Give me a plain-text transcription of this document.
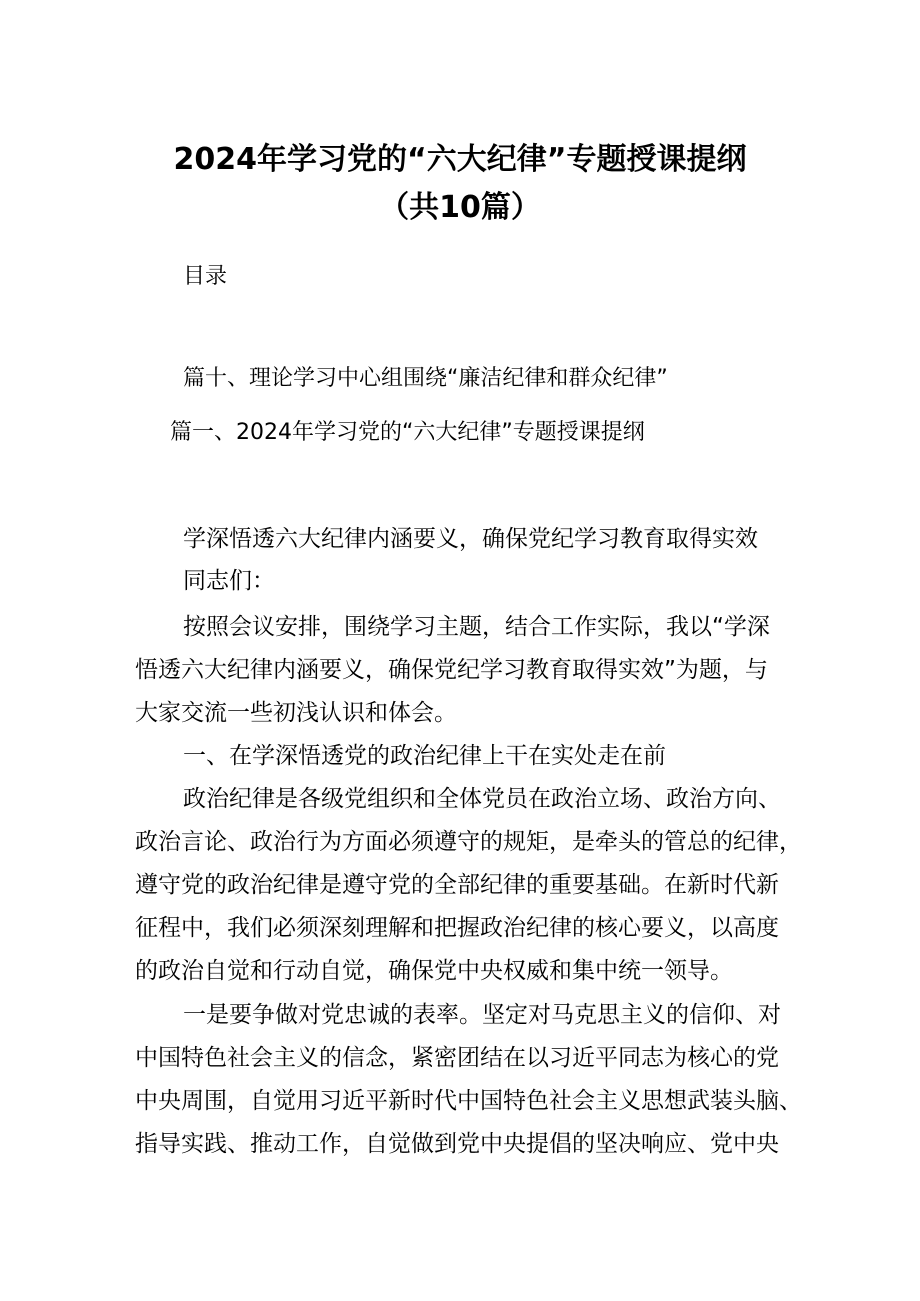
2024年学习党的“六大纪律”专题授课提纲
（共10篇）
目录
篇十、理论学习中心组围绕“廉洁纪律和群众纪律”
篇一、2024年学习党的“六大纪律”专题授课提纲
学深悟透六大纪律内涵要义，确保党纪学习教育取得实效
同志们：
按照会议安排，围绕学习主题，结合工作实际，我以“学深
悟透六大纪律内涵要义，确保党纪学习教育取得实效”为题，与
大家交流一些初浅认识和体会。
一、在学深悟透党的政治纪律上干在实处走在前
政治纪律是各级党组织和全体党员在政治立场、政治方向、
政治言论、政治行为方面必须遵守的规矩，是牵头的管总的纪律，
遵守党的政治纪律是遵守党的全部纪律的重要基础。在新时代新
征程中，我们必须深刻理解和把握政治纪律的核心要义，以高度
的政治自觉和行动自觉，确保党中央权威和集中统一领导。
一是要争做对党忠诚的表率。坚定对马克思主义的信仰、对
中国特色社会主义的信念，紧密团结在以习近平同志为核心的党
中央周围，自觉用习近平新时代中国特色社会主义思想武装头脑、
指导实践、推动工作，自觉做到党中央提倡的坚决响应、党中央
